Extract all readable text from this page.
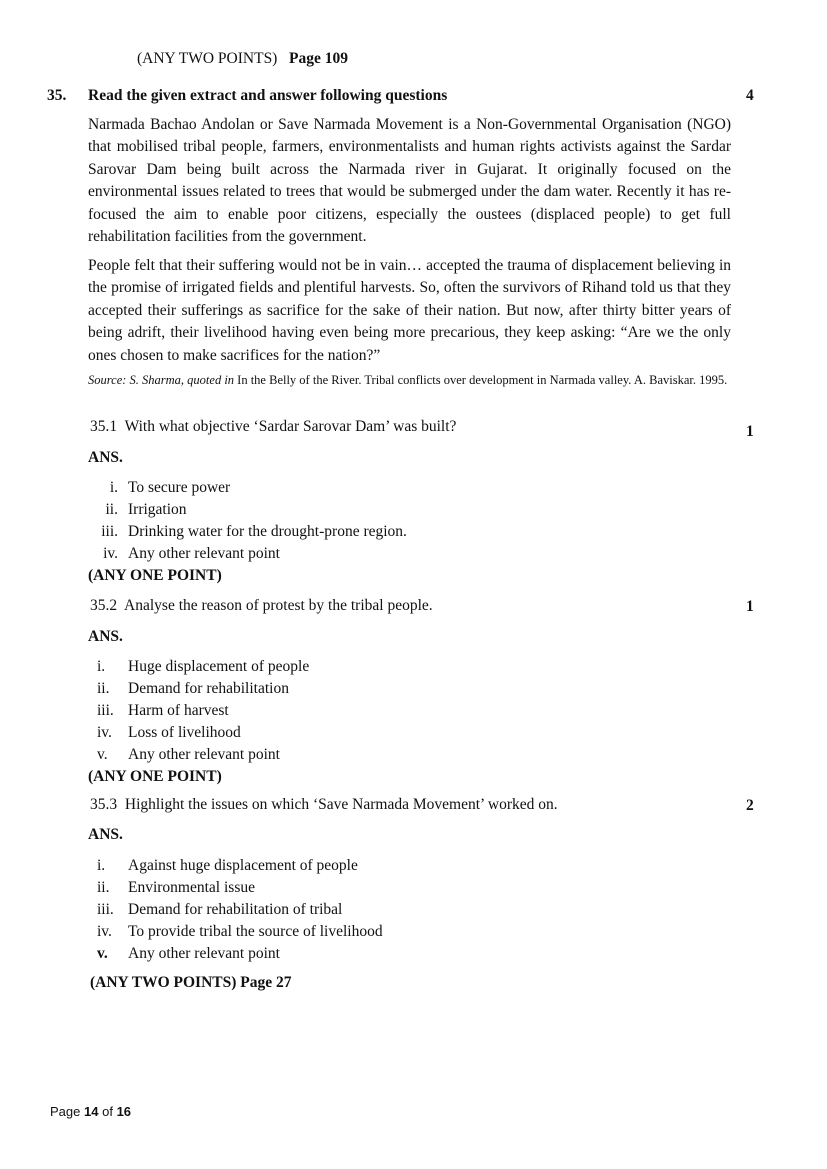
(ANY TWO POINTS) Page 109
35. Read the given extract and answer following questions	4
Narmada Bachao Andolan or Save Narmada Movement is a Non-Governmental Organisation (NGO) that mobilised tribal people, farmers, environmentalists and human rights activists against the Sardar Sarovar Dam being built across the Narmada river in Gujarat. It originally focused on the environmental issues related to trees that would be submerged under the dam water. Recently it has re-focused the aim to enable poor citizens, especially the oustees (displaced people) to get full rehabilitation facilities from the government.
People felt that their suffering would not be in vain… accepted the trauma of displacement believing in the promise of irrigated fields and plentiful harvests. So, often the survivors of Rihand told us that they accepted their sufferings as sacrifice for the sake of their nation. But now, after thirty bitter years of being adrift, their livelihood having even being more precarious, they keep asking: “Are we the only ones chosen to make sacrifices for the nation?”
Source: S. Sharma, quoted in In the Belly of the River. Tribal conflicts over development in Narmada valley. A. Baviskar. 1995.
35.1 With what objective ‘Sardar Sarovar Dam’ was built?	1
ANS.
i. To secure power
ii. Irrigation
iii. Drinking water for the drought-prone region.
iv. Any other relevant point
(ANY ONE POINT)
35.2 Analyse the reason of protest by the tribal people.	1
ANS.
i. Huge displacement of people
ii. Demand for rehabilitation
iii. Harm of harvest
iv. Loss of livelihood
v. Any other relevant point
(ANY ONE POINT)
35.3 Highlight the issues on which ‘Save Narmada Movement’ worked on.	2
ANS.
i. Against huge displacement of people
ii. Environmental issue
iii. Demand for rehabilitation of tribal
iv. To provide tribal the source of livelihood
v. Any other relevant point
(ANY TWO POINTS) Page 27
Page 14 of 16
